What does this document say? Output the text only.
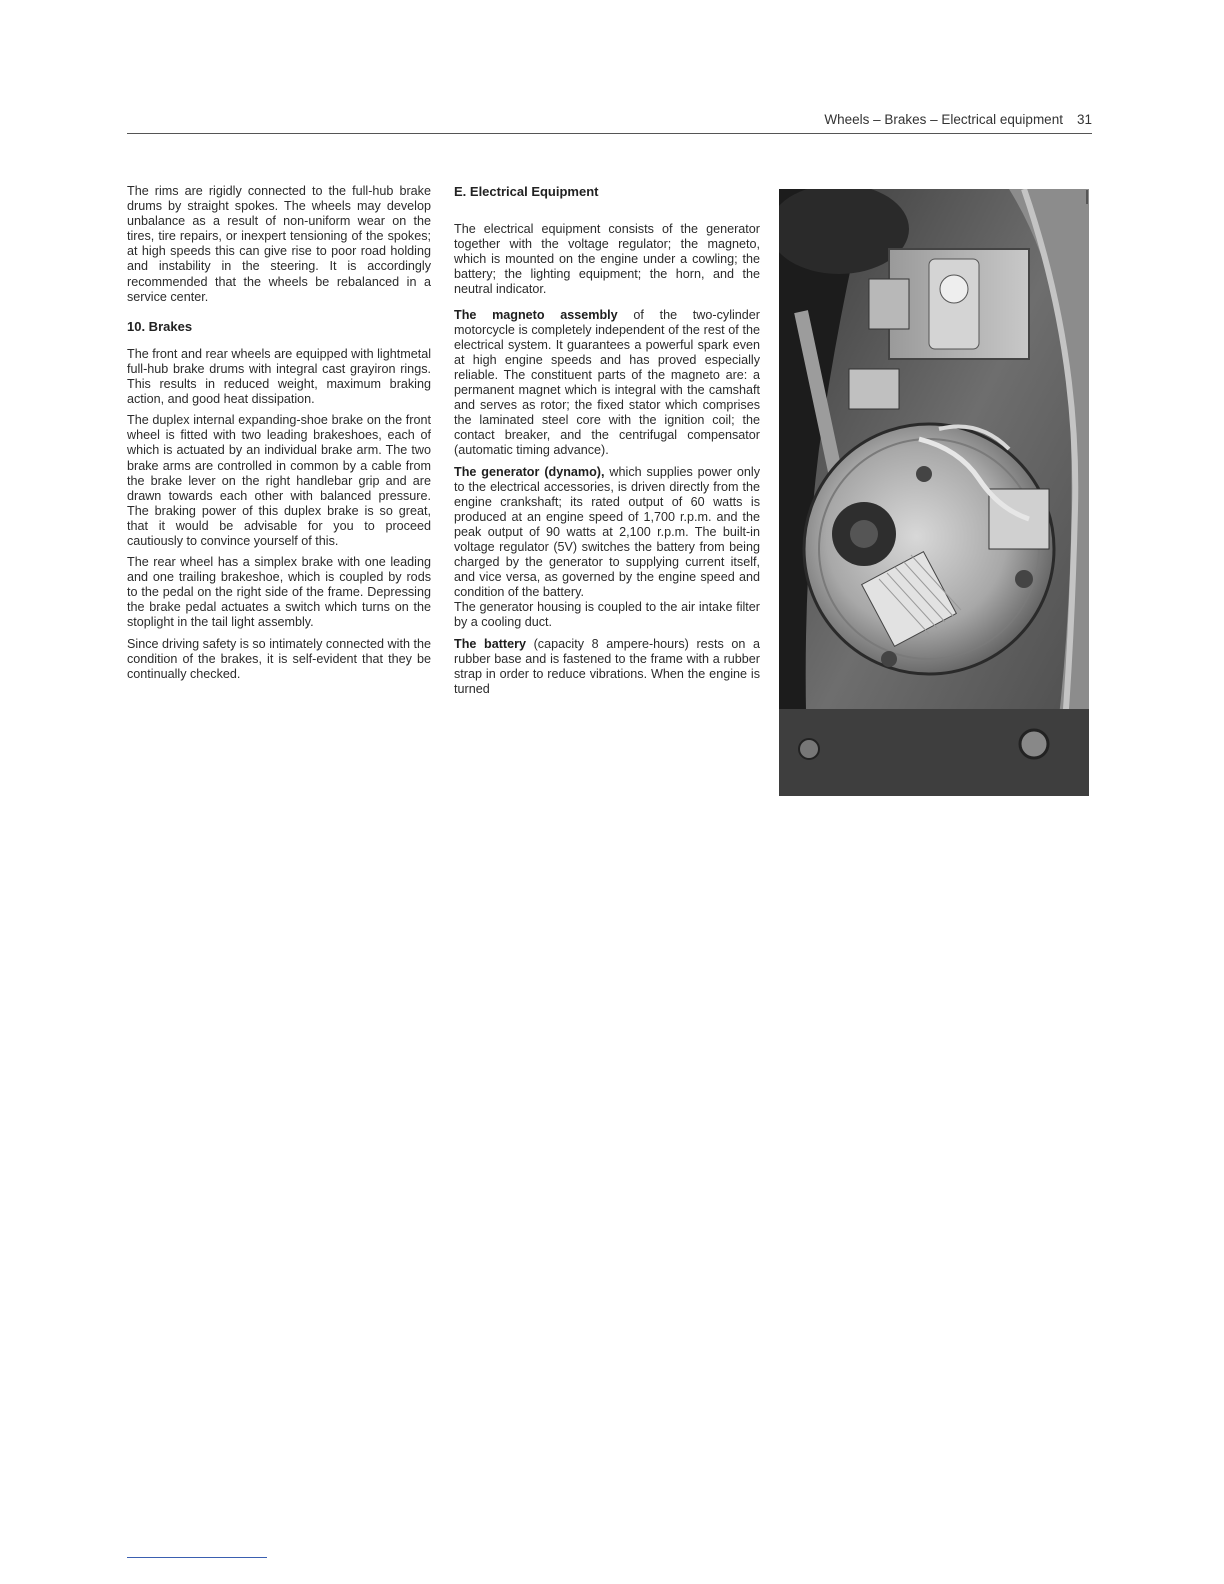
Wheels – Brakes – Electrical equipment 31

The rims are rigidly connected to the full-hub brake drums by straight spokes. The wheels may develop unbalance as a result of non-uniform wear on the tires, tire repairs, or inexpert tensioning of the spokes; at high speeds this can give rise to poor road holding and instability in the steering. It is accordingly recommended that the wheels be rebalanced in a service center.

10. Brakes

The front and rear wheels are equipped with lightmetal full-hub brake drums with integral cast grayiron rings. This results in reduced weight, maximum braking action, and good heat dissipation.

The duplex internal expanding-shoe brake on the front wheel is fitted with two leading brakeshoes, each of which is actuated by an individual brake arm. The two brake arms are controlled in common by a cable from the brake lever on the right handlebar grip and are drawn towards each other with balanced pressure. The braking power of this duplex brake is so great, that it would be advisable for you to proceed cautiously to convince yourself of this.

The rear wheel has a simplex brake with one leading and one trailing brakeshoe, which is coupled by rods to the pedal on the right side of the frame. Depressing the brake pedal actuates a switch which turns on the stoplight in the tail light assembly.

Since driving safety is so intimately connected with the condition of the brakes, it is self-evident that they be continually checked.

E. Electrical Equipment

The electrical equipment consists of the generator together with the voltage regulator; the magneto, which is mounted on the engine under a cowling; the battery; the lighting equipment; the horn, and the neutral indicator.

The magneto assembly of the two-cylinder motorcycle is completely independent of the rest of the electrical system. It guarantees a powerful spark even at high engine speeds and has proved especially reliable. The constituent parts of the magneto are: a permanent magnet which is integral with the camshaft and serves as rotor; the fixed stator which comprises the laminated steel core with the ignition coil; the contact breaker, and the centrifugal compensator (automatic timing advance).

The generator (dynamo), which supplies power only to the electrical accessories, is driven directly from the engine crankshaft; its rated output of 60 watts is produced at an engine speed of 1,700 r.p.m. and the peak output of 90 watts at 2,100 r.p.m. The built-in voltage regulator (5V) switches the battery from being charged by the generator to supplying current itself, and vice versa, as governed by the engine speed and condition of the battery.

The generator housing is coupled to the air intake filter by a cooling duct.

The battery (capacity 8 ampere-hours) rests on a rubber base and is fastened to the frame with a rubber strap in order to reduce vibrations. When the engine is turned
